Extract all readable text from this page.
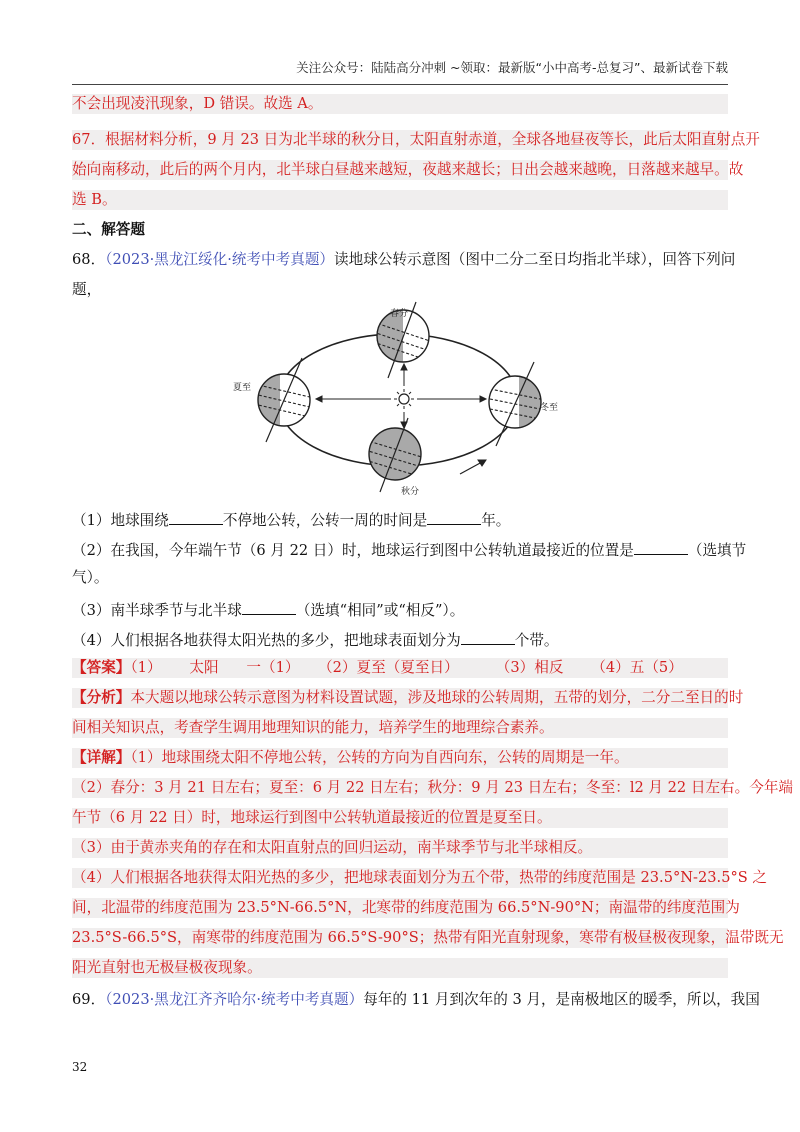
关注公众号：陆陆高分冲刺 ~领取：最新版“小中高考-总复习”、最新试卷下载
不会出现凌汛现象，D 错误。故选 A。
67．根据材料分析，9 月 23 日为北半球的秋分日，太阳直射赤道，全球各地昼夜等长，此后太阳直射点开
始向南移动，此后的两个月内，北半球白昼越来越短，夜越来越长；日出会越来越晚，日落越来越早。故
选 B。
二、解答题
68．（2023·黑龙江绥化·统考中考真题）读地球公转示意图（图中二分二至日均指北半球），回答下列问
题，
春分
夏至
秋分
冬至
（1）地球围绕	不停地公转，公转一周的时间是	年。
（2）在我国，今年端午节（6 月 22 日）时，地球运行到图中公转轨道最接近的位置是	（选填节
气）。
（3）南半球季节与北半球	（选填“相同”或“相反”）。
（4）人们根据各地获得太阳光热的多少，把地球表面划分为	个带。
【答案】（1）      太阳      一（1）    （2）夏至（夏至日）        （3）相反      （4）五（5）
【分析】本大题以地球公转示意图为材料设置试题，涉及地球的公转周期，五带的划分，二分二至日的时
间相关知识点，考查学生调用地理知识的能力，培养学生的地理综合素养。
【详解】（1）地球围绕太阳不停地公转，公转的方向为自西向东，公转的周期是一年。
（2）春分：3 月 21 日左右；夏至：6 月 22 日左右；秋分：9 月 23 日左右；冬至：l2 月 22 日左右。今年端
午节（6 月 22 日）时，地球运行到图中公转轨道最接近的位置是夏至日。
（3）由于黄赤夹角的存在和太阳直射点的回归运动，南半球季节与北半球相反。
（4）人们根据各地获得太阳光热的多少，把地球表面划分为五个带，热带的纬度范围是 23.5°N-23.5°S 之
间，北温带的纬度范围为 23.5°N-66.5°N，北寒带的纬度范围为 66.5°N-90°N；南温带的纬度范围为
23.5°S-66.5°S，南寒带的纬度范围为 66.5°S-90°S；热带有阳光直射现象，寒带有极昼极夜现象，温带既无
阳光直射也无极昼极夜现象。
69．（2023·黑龙江齐齐哈尔·统考中考真题）每年的 11 月到次年的 3 月，是南极地区的暖季，所以，我国
32
